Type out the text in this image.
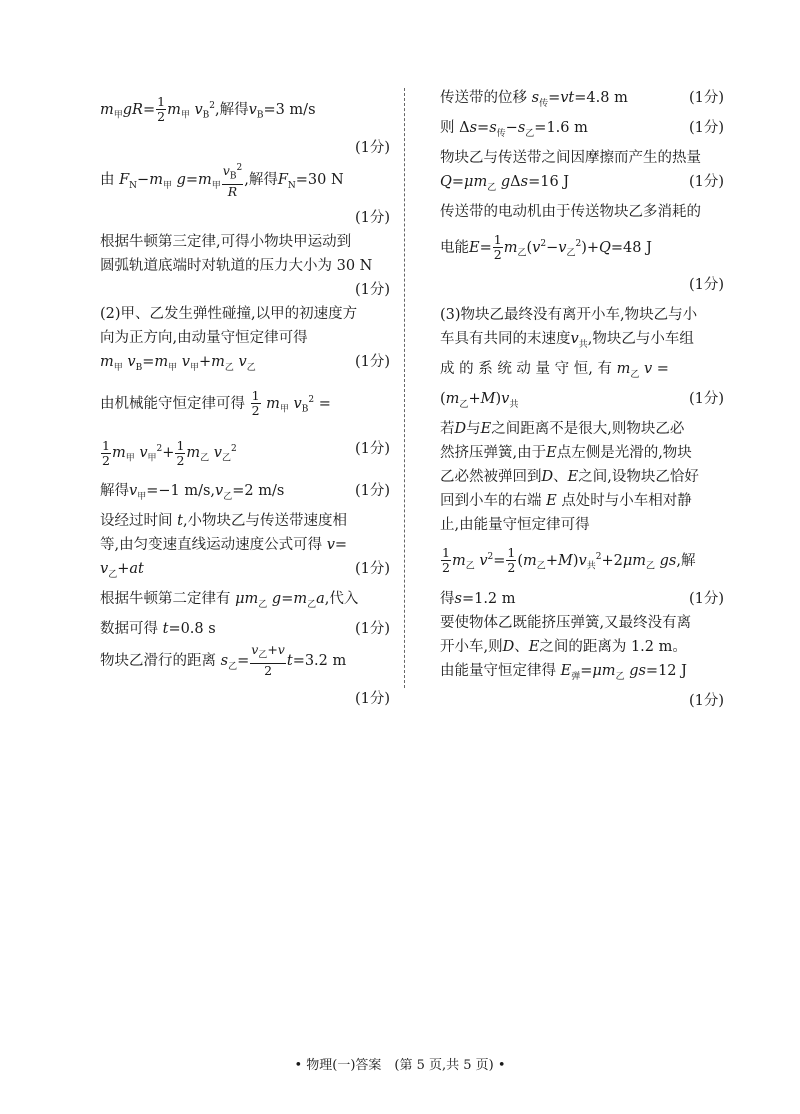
$m_甲gR= \frac{1}{2} m_甲$ $v_B^2$,解得$v_B=3$ m/s
(1分)
由 $F_N-m_甲$ $g=m_甲 \frac{v_B^2}{R}$ ,解得$F_N=30$ N
(1分)
根据牛顿第三定律,可得小物块甲运动到
圆弧轨道底端时对轨道的压力大小为 30 N
(1分)
(2)甲、乙发生弹性碰撞,以甲的初速度方
向为正方向,由动量守恒定律可得
$m_甲$ $v_B=m_甲$ $v_甲+m_乙$ $v_乙$	(1分)
由机械能守恒定律可得 $\frac{1}{2} m_甲$ $v_B^2$ =
$\frac{1}{2} m_甲$ $v_甲^2+ \frac{1}{2} m_乙$ $v_乙^2$	(1分)
解得$v_甲=-1$ $m/s,v_乙=2$ m/s	(1分)
设经过时间 t,小物块乙与传送带速度相
等,由匀变速直线运动速度公式可得 v=
$v_乙+at$	(1分)
根据牛顿第二定律有 $\mu m_乙$ $g=m_乙a$,代入
数据可得 t=0.8 s	(1分)
物块乙滑行的距离 $s_乙=$
$v_乙+v$
2
t=3.2 m
(1分)
传送带的位移 $s_传=vt=4.8$ m	(1分)
则 $\Delta s=s_传-s_乙=1.6$ m	(1分)
物块乙与传送带之间因摩擦而产生的热量
$Q=\mu m_乙$ gΔs=16 J	(1分)
传送带的电动机由于传送物块乙多消耗的
电能$E= \frac{1}{2} m_乙(v^2-v_乙^2)+Q=48$ J
(1分)
(3)物块乙最终没有离开小车,物块乙与小
车具有共同的末速度$v_共$,物块乙与小车组
成 的 系 统 动 量 守 恒, 有 $m_乙$ v =
$(m_乙+M)v_共$	(1分)
若D与E之间距离不是很大,则物块乙必
然挤压弹簧,由于E点左侧是光滑的,物块
乙必然被弹回到D、E之间,设物块乙恰好
回到小车的右端 E 点处时与小车相对静
止,由能量守恒定律可得
$\frac{1}{2} m_乙$ $v^2= \frac{1}{2} (m_乙+M)v_共^2+2\mu m_乙$ gs,解
得s=1.2 m	(1分)
要使物体乙既能挤压弹簧,又最终没有离
开小车,则D、E之间的距离为 1.2 m。
由能量守恒定律得 $E_弹=\mu m_乙$ gs=12 J
(1分)
• 物理(一)答案　(第 5 页,共 5 页) •
